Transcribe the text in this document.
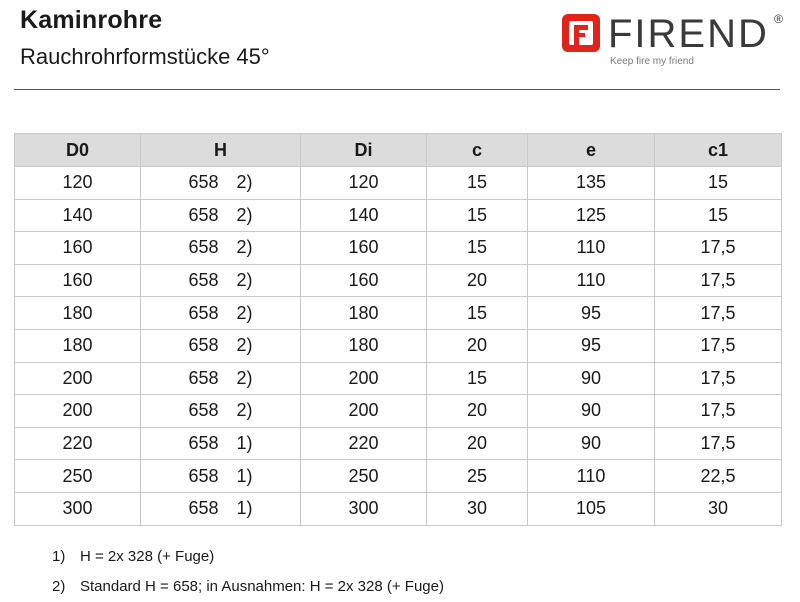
Kaminrohre
Rauchrohrformstücke 45°
FIREND ®
Keep fire my friend
D0	H	Di	c	e	c1
120	658 2)	120	15	135	15
140	658 2)	140	15	125	15
160	658 2)	160	15	110	17,5
160	658 2)	160	20	110	17,5
180	658 2)	180	15	95	17,5
180	658 2)	180	20	95	17,5
200	658 2)	200	15	90	17,5
200	658 2)	200	20	90	17,5
220	658 1)	220	20	90	17,5
250	658 1)	250	25	110	22,5
300	658 1)	300	30	105	30
1) H = 2x 328 (+ Fuge)
2) Standard H = 658; in Ausnahmen: H = 2x 328 (+ Fuge)
